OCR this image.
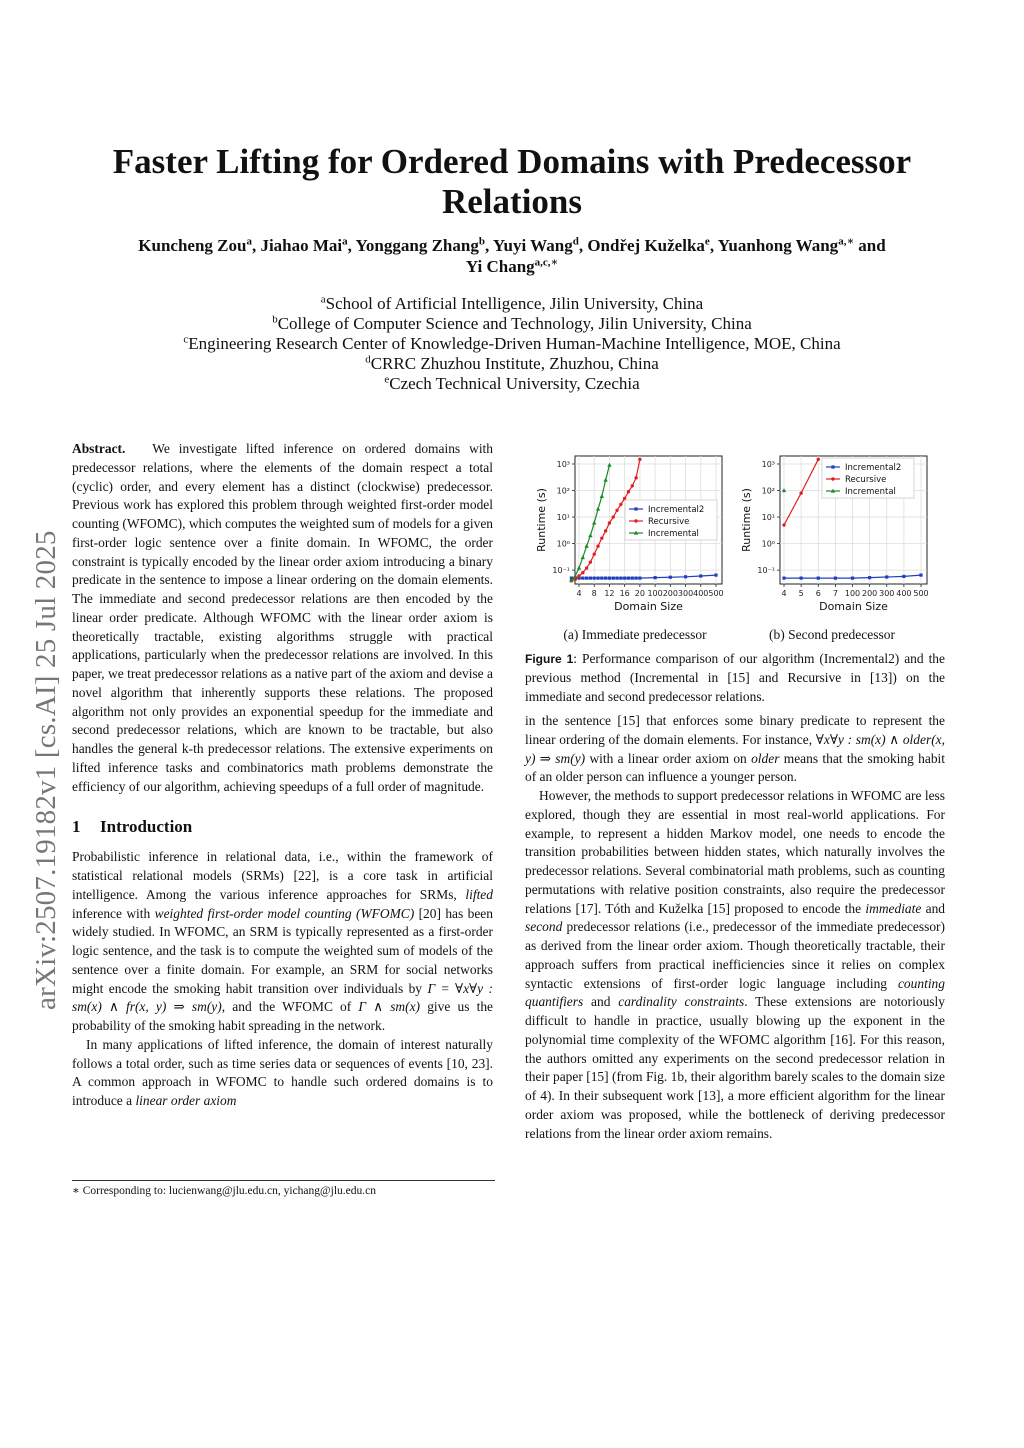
Faster Lifting for Ordered Domains with Predecessor Relations
Kuncheng Zou$^a$, Jiahao Mai$^a$, Yonggang Zhang$^b$, Yuyi Wang$^d$, Ondřej Kuželka$^e$, Yuanhong Wang$^{a,∗}$ and
Yi Chang$^{a,c,∗}$

$^a$School of Artificial Intelligence, Jilin University, China

$^b$College of Computer Science and Technology, Jilin University, China

$^c$Engineering Research Center of Knowledge-Driven Human-Machine Intelligence, MOE, China

$^d$CRRC Zhuzhou Institute, Zhuzhou, China

$^e$Czech Technical University, Czechia

arXiv:2507.19182v1 [cs.AI] 25 Jul 2025

Abstract. We investigate lifted inference on ordered domains with predecessor relations, where the elements of the domain respect a total (cyclic) order, and every element has a distinct (clockwise) predecessor. Previous work has explored this problem through weighted first-order model counting (WFOMC), which computes the weighted sum of models for a given first-order logic sentence over a finite domain. In WFOMC, the order constraint is typically encoded by the linear order axiom introducing a binary predicate in the sentence to impose a linear ordering on the domain elements. The immediate and second predecessor relations are then encoded by the linear order predicate. Although WFOMC with the linear order axiom is theoretically tractable, existing algorithms struggle with practical applications, particularly when the predecessor relations are involved. In this paper, we treat predecessor relations as a native part of the axiom and devise a novel algorithm that inherently supports these relations. The proposed algorithm not only provides an exponential speedup for the immediate and second predecessor relations, which are known to be tractable, but also handles the general k-th predecessor relations. The extensive experiments on lifted inference tasks and combinatorics math problems demonstrate the efficiency of our algorithm, achieving speedups of a full order of magnitude.

1 Introduction

Probabilistic inference in relational data, i.e., within the framework of statistical relational models (SRMs) [22], is a core task in artificial intelligence. Among the various inference approaches for SRMs, lifted inference with weighted first-order model counting (WFOMC) [20] has been widely studied. In WFOMC, an SRM is typically represented as a first-order logic sentence, and the task is to compute the weighted sum of models of the sentence over a finite domain. For example, an SRM for social networks might encode the smoking habit transition over individuals by Γ = ∀x∀y : sm(x) ∧ fr(x, y) ⇒ sm(y), and the WFOMC of Γ ∧ sm(x) give us the probability of the smoking habit spreading in the network.

In many applications of lifted inference, the domain of interest naturally follows a total order, such as time series data or sequences of events [10, 23]. A common approach in WFOMC to handle such ordered domains is to introduce a linear order axiom

∗ Corresponding to: lucienwang@jlu.edu.cn, yichang@jlu.edu.cn
10⁻¹
10⁰
10¹
10²
10³
4 8 12 16 20 100 200 300 400 500
Domain Size
Runtime (s)	Incremental2
Recursive
Incremental
10⁻¹
10⁰
10¹
10²
10³
4 5 6 7 100 200 300 400 500
Domain Size
Runtime (s)
Incremental2
Recursive
Incremental
(a) Immediate predecessor	(b) Second predecessor
Figure 1: Performance comparison of our algorithm (Incremental2) and the previous method (Incremental in [15] and Recursive in [13]) on the immediate and second predecessor relations.

in the sentence [15] that enforces some binary predicate to represent the linear ordering of the domain elements. For instance, ∀x∀y : sm(x) ∧ older(x, y) ⇒ sm(y) with a linear order axiom on older means that the smoking habit of an older person can influence a younger person.

However, the methods to support predecessor relations in WFOMC are less explored, though they are essential in most real-world applications. For example, to represent a hidden Markov model, one needs to encode the transition probabilities between hidden states, which naturally involves the predecessor relations. Several combinatorial math problems, such as counting permutations with relative position constraints, also require the predecessor relations [17]. Tóth and Kuželka [15] proposed to encode the immediate and second predecessor relations (i.e., predecessor of the immediate predecessor) as derived from the linear order axiom. Though theoretically tractable, their approach suffers from practical inefficiencies since it relies on complex syntactic extensions of first-order logic language including counting quantifiers and cardinality constraints. These extensions are notoriously difficult to handle in practice, usually blowing up the exponent in the polynomial time complexity of the WFOMC algorithm [16]. For this reason, the authors omitted any experiments on the second predecessor relation in their paper [15] (from Fig. 1b, their algorithm barely scales to the domain size of 4). In their subsequent work [13], a more efficient algorithm for the linear order axiom was proposed, while the bottleneck of deriving predecessor relations from the linear order axiom remains.
